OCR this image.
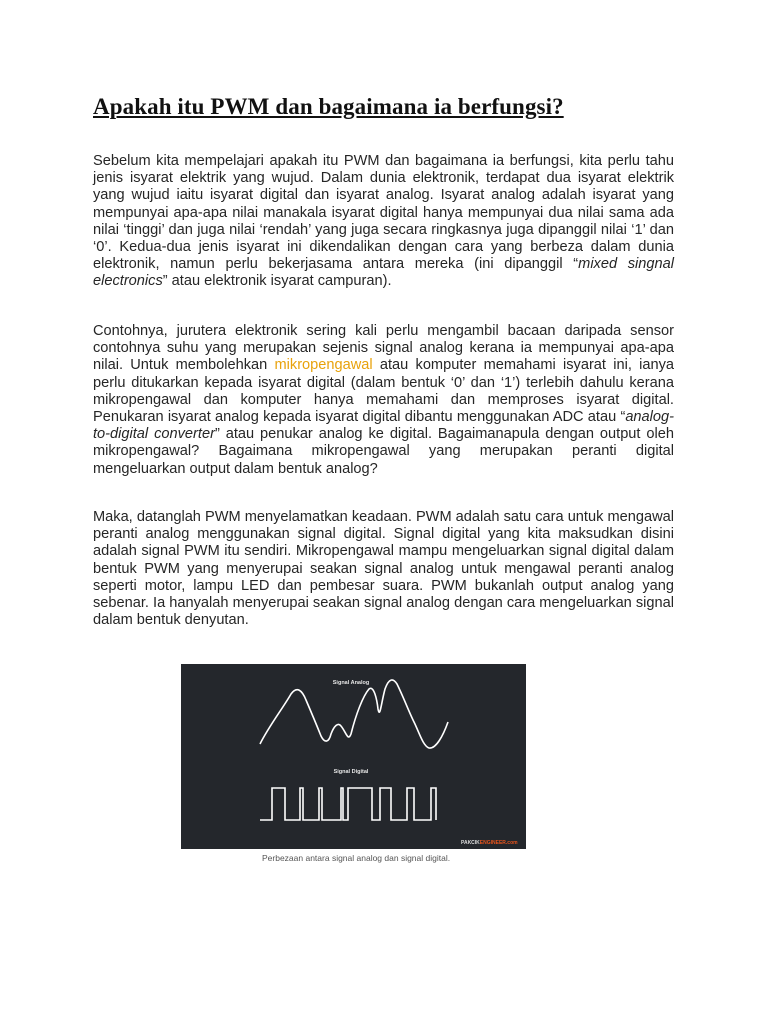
Apakah itu PWM dan bagaimana ia berfungsi?

Sebelum kita mempelajari apakah itu PWM dan bagaimana ia berfungsi, kita perlu tahu jenis isyarat elektrik yang wujud. Dalam dunia elektronik, terdapat dua isyarat elektrik yang wujud iaitu isyarat digital dan isyarat analog. Isyarat analog adalah isyarat yang mempunyai apa-apa nilai manakala isyarat digital hanya mempunyai dua nilai sama ada nilai ‘tinggi’ dan juga nilai ‘rendah’ yang juga secara ringkasnya juga dipanggil nilai ‘1’ dan ‘0’. Kedua-dua jenis isyarat ini dikendalikan dengan cara yang berbeza dalam dunia elektronik, namun perlu bekerjasama antara mereka (ini dipanggil “mixed singnal electronics” atau elektronik isyarat campuran).

Contohnya, jurutera elektronik sering kali perlu mengambil bacaan daripada sensor contohnya suhu yang merupakan sejenis signal analog kerana ia mempunyai apa-apa nilai. Untuk membolehkan mikropengawal atau komputer memahami isyarat ini, ianya perlu ditukarkan kepada isyarat digital (dalam bentuk ‘0’ dan ‘1’) terlebih dahulu kerana mikropengawal dan komputer hanya memahami dan memproses isyarat digital. Penukaran isyarat analog kepada isyarat digital dibantu menggunakan ADC atau “analog-to-digital converter” atau penukar analog ke digital. Bagaimanapula dengan output oleh mikropengawal? Bagaimana mikropengawal yang merupakan peranti digital mengeluarkan output dalam bentuk analog?

Maka, datanglah PWM menyelamatkan keadaan. PWM adalah satu cara untuk mengawal peranti analog menggunakan signal digital. Signal digital yang kita maksudkan disini adalah signal PWM itu sendiri. Mikropengawal mampu mengeluarkan signal digital dalam bentuk PWM yang menyerupai seakan signal analog untuk mengawal peranti analog seperti motor, lampu LED dan pembesar suara. PWM bukanlah output analog yang sebenar. Ia hanyalah menyerupai seakan signal analog dengan cara mengeluarkan signal dalam bentuk denyutan.

Signal Analog
Signal Digital
PAKCIKENGINEER.com

Perbezaan antara signal analog dan signal digital.
